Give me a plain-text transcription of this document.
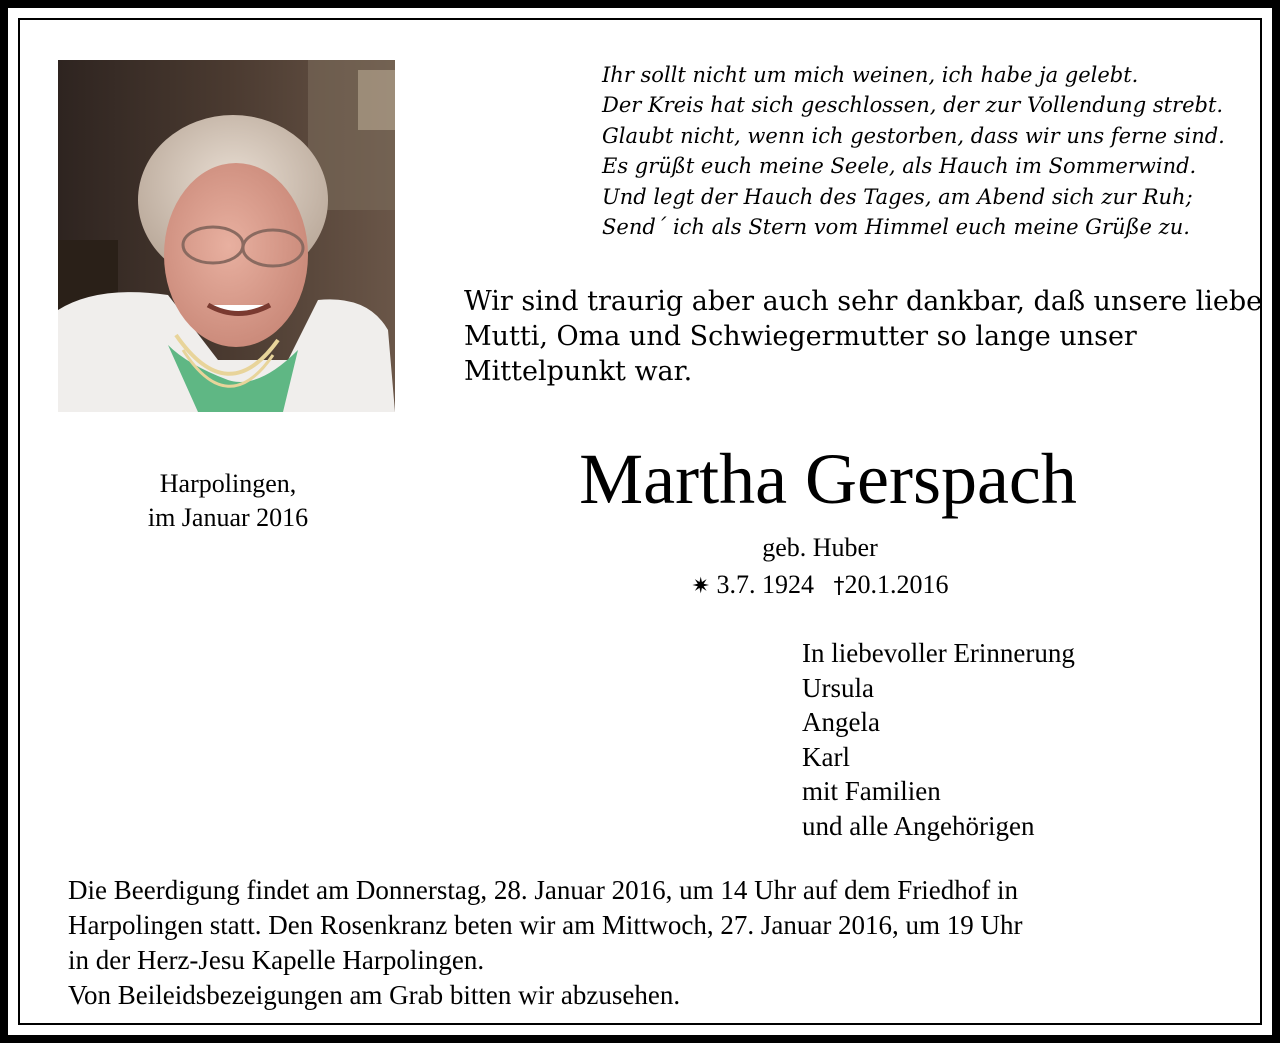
Ihr sollt nicht um mich weinen, ich habe ja gelebt.
Der Kreis hat sich geschlossen, der zur Vollendung strebt.
Glaubt nicht, wenn ich gestorben, dass wir uns ferne sind.
Es grüßt euch meine Seele, als Hauch im Sommerwind.
Und legt der Hauch des Tages, am Abend sich zur Ruh;
Send´ ich als Stern vom Himmel euch meine Grüße zu.
Wir sind traurig aber auch sehr dankbar, daß unsere liebe
Mutti, Oma und Schwiegermutter so lange unser
Mittelpunkt war.
Harpolingen,
im Januar 2016	Martha Gerspach
geb. Huber
✷ 3.7. 1924 †20.1.2016
In liebevoller Erinnerung
Ursula
Angela
Karl
mit Familien
und alle Angehörigen
Die Beerdigung findet am Donnerstag, 28. Januar 2016, um 14 Uhr auf dem Friedhof in
Harpolingen statt. Den Rosenkranz beten wir am Mittwoch, 27. Januar 2016, um 19 Uhr
in der Herz-Jesu Kapelle Harpolingen.
Von Beileidsbezeigungen am Grab bitten wir abzusehen.
